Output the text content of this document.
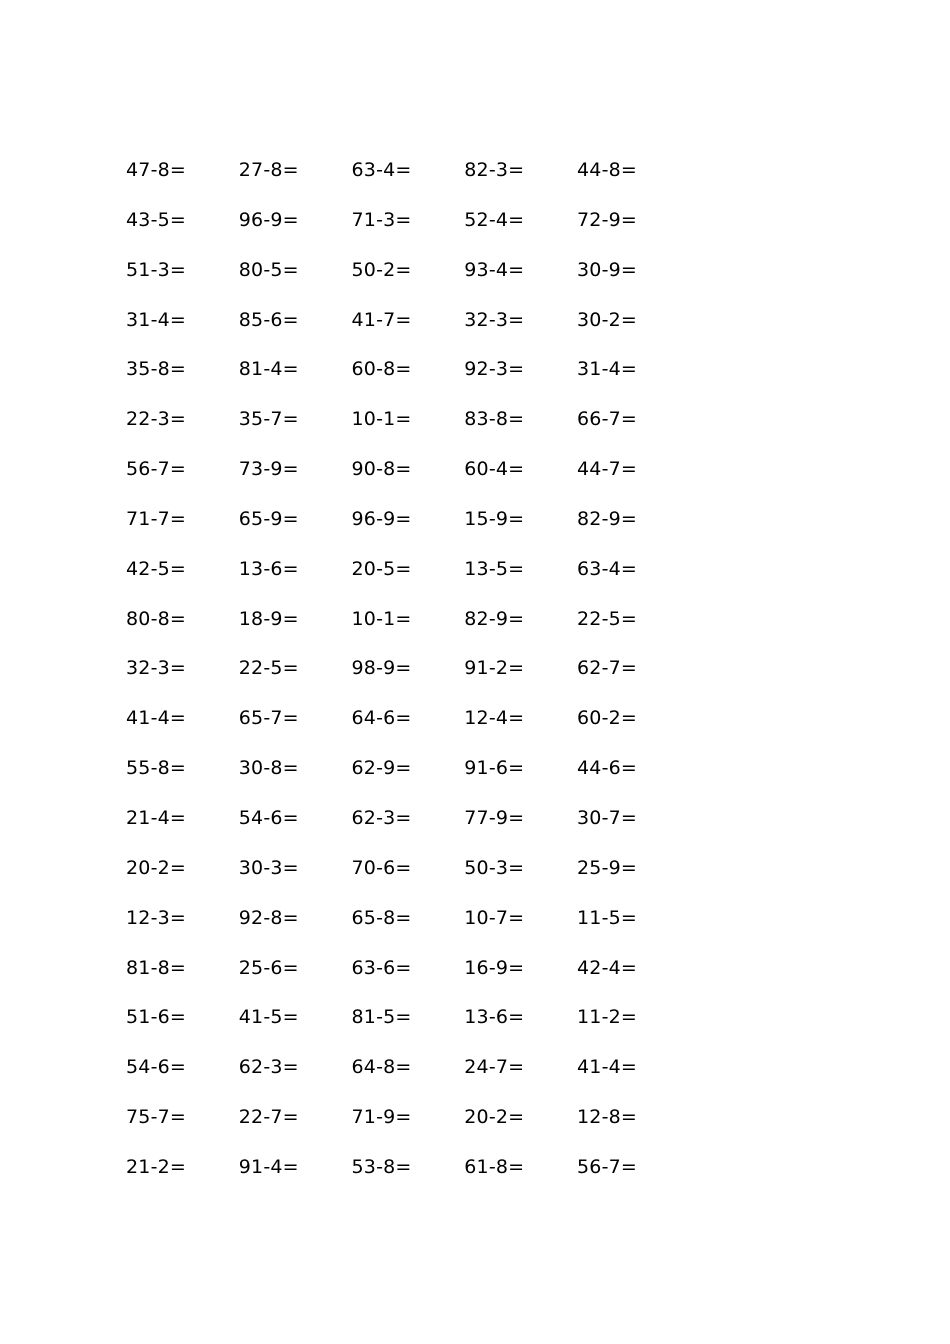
47-8=	27-8=	63-4=	82-3=	44-8=
43-5=	96-9=	71-3=	52-4=	72-9=
51-3=	80-5=	50-2=	93-4=	30-9=
31-4=	85-6=	41-7=	32-3=	30-2=
35-8=	81-4=	60-8=	92-3=	31-4=
22-3=	35-7=	10-1=	83-8=	66-7=
56-7=	73-9=	90-8=	60-4=	44-7=
71-7=	65-9=	96-9=	15-9=	82-9=
42-5=	13-6=	20-5=	13-5=	63-4=
80-8=	18-9=	10-1=	82-9=	22-5=
32-3=	22-5=	98-9=	91-2=	62-7=
41-4=	65-7=	64-6=	12-4=	60-2=
55-8=	30-8=	62-9=	91-6=	44-6=
21-4=	54-6=	62-3=	77-9=	30-7=
20-2=	30-3=	70-6=	50-3=	25-9=
12-3=	92-8=	65-8=	10-7=	11-5=
81-8=	25-6=	63-6=	16-9=	42-4=
51-6=	41-5=	81-5=	13-6=	11-2=
54-6=	62-3=	64-8=	24-7=	41-4=
75-7=	22-7=	71-9=	20-2=	12-8=
21-2=	91-4=	53-8=	61-8=	56-7=
